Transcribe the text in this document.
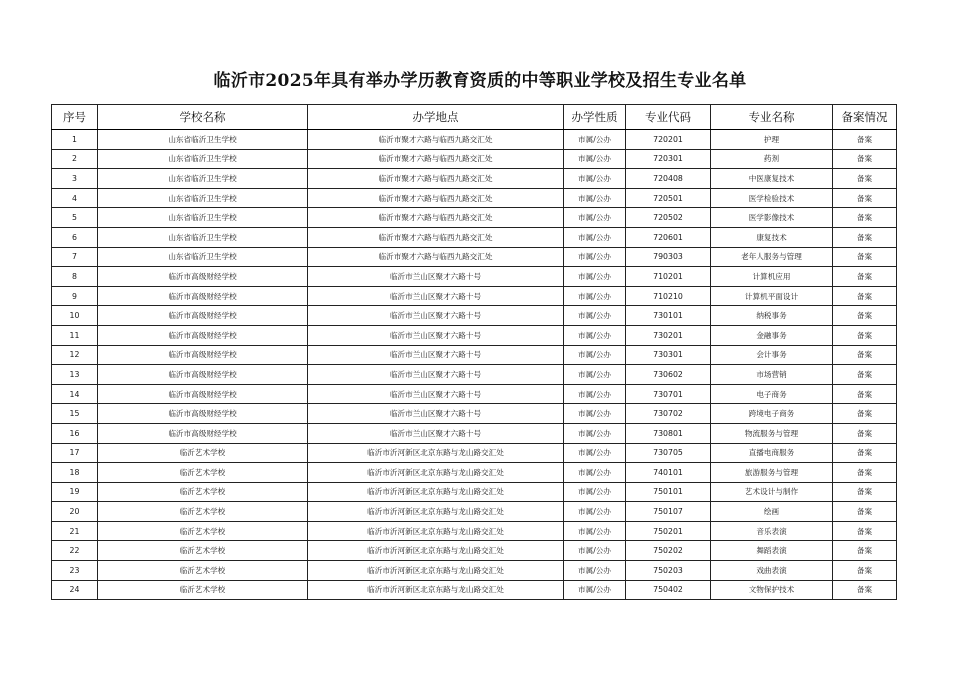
临沂市2025年具有举办学历教育资质的中等职业学校及招生专业名单
序号	学校名称	办学地点	办学性质	专业代码	专业名称	备案情况
1	山东省临沂卫生学校	临沂市聚才六路与临西九路交汇处	市属/公办	720201	护理	备案
2	山东省临沂卫生学校	临沂市聚才六路与临西九路交汇处	市属/公办	720301	药剂	备案
3	山东省临沂卫生学校	临沂市聚才六路与临西九路交汇处	市属/公办	720408	中医康复技术	备案
4	山东省临沂卫生学校	临沂市聚才六路与临西九路交汇处	市属/公办	720501	医学检验技术	备案
5	山东省临沂卫生学校	临沂市聚才六路与临西九路交汇处	市属/公办	720502	医学影像技术	备案
6	山东省临沂卫生学校	临沂市聚才六路与临西九路交汇处	市属/公办	720601	康复技术	备案
7	山东省临沂卫生学校	临沂市聚才六路与临西九路交汇处	市属/公办	790303	老年人服务与管理	备案
8	临沂市高级财经学校	临沂市兰山区聚才六路十号	市属/公办	710201	计算机应用	备案
9	临沂市高级财经学校	临沂市兰山区聚才六路十号	市属/公办	710210	计算机平面设计	备案
10	临沂市高级财经学校	临沂市兰山区聚才六路十号	市属/公办	730101	纳税事务	备案
11	临沂市高级财经学校	临沂市兰山区聚才六路十号	市属/公办	730201	金融事务	备案
12	临沂市高级财经学校	临沂市兰山区聚才六路十号	市属/公办	730301	会计事务	备案
13	临沂市高级财经学校	临沂市兰山区聚才六路十号	市属/公办	730602	市场营销	备案
14	临沂市高级财经学校	临沂市兰山区聚才六路十号	市属/公办	730701	电子商务	备案
15	临沂市高级财经学校	临沂市兰山区聚才六路十号	市属/公办	730702	跨境电子商务	备案
16	临沂市高级财经学校	临沂市兰山区聚才六路十号	市属/公办	730801	物流服务与管理	备案
17	临沂艺术学校	临沂市沂河新区北京东路与龙山路交汇处	市属/公办	730705	直播电商服务	备案
18	临沂艺术学校	临沂市沂河新区北京东路与龙山路交汇处	市属/公办	740101	旅游服务与管理	备案
19	临沂艺术学校	临沂市沂河新区北京东路与龙山路交汇处	市属/公办	750101	艺术设计与制作	备案
20	临沂艺术学校	临沂市沂河新区北京东路与龙山路交汇处	市属/公办	750107	绘画	备案
21	临沂艺术学校	临沂市沂河新区北京东路与龙山路交汇处	市属/公办	750201	音乐表演	备案
22	临沂艺术学校	临沂市沂河新区北京东路与龙山路交汇处	市属/公办	750202	舞蹈表演	备案
23	临沂艺术学校	临沂市沂河新区北京东路与龙山路交汇处	市属/公办	750203	戏曲表演	备案
24	临沂艺术学校	临沂市沂河新区北京东路与龙山路交汇处	市属/公办	750402	文物保护技术	备案
